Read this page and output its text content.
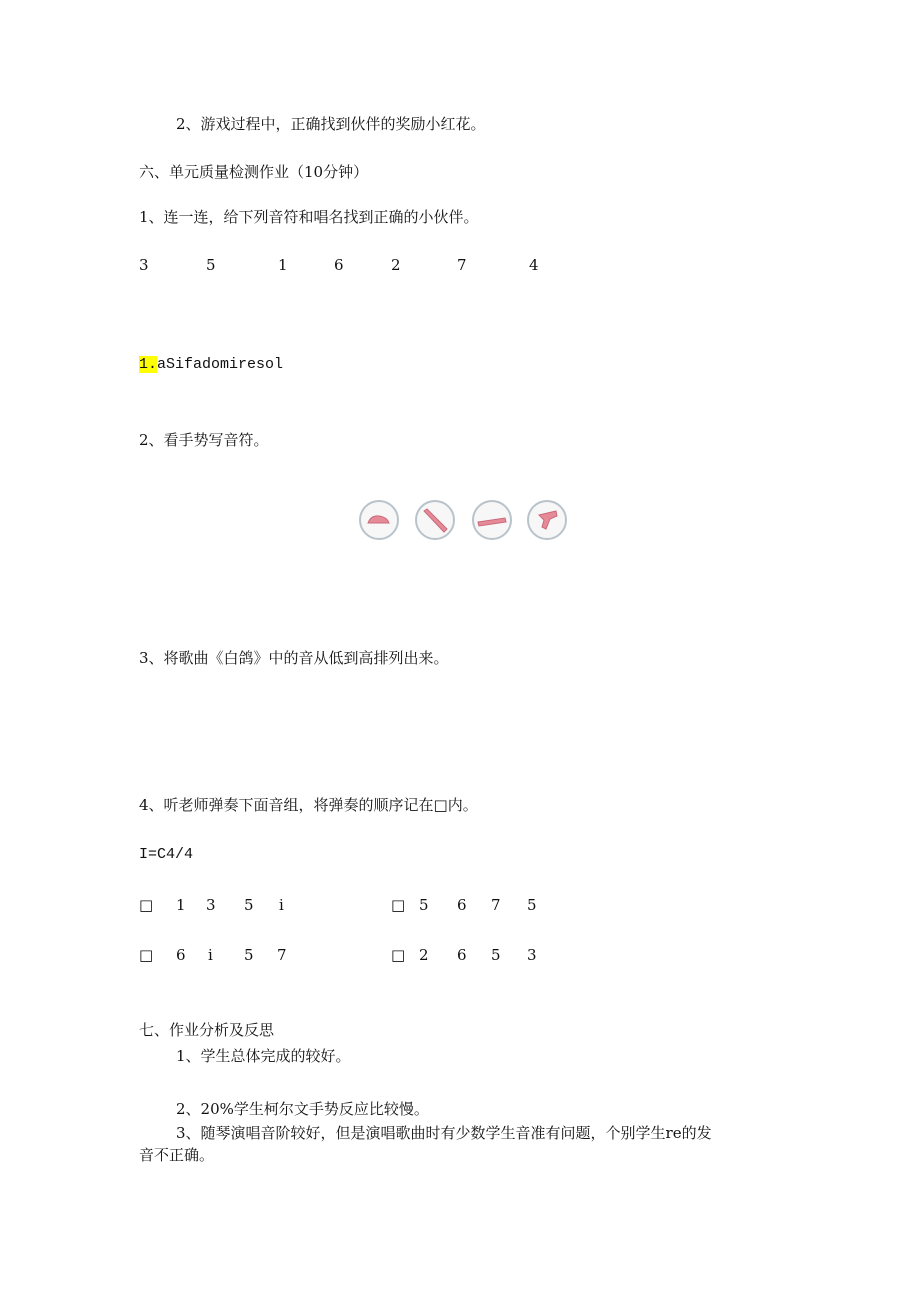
2、游戏过程中，正确找到伙伴的奖励小红花。
六、单元质量检测作业（10分钟）
1、连一连，给下列音符和唱名找到正确的小伙伴。
3	5	1	6	2	7	4
1.aSifadomiresol
2、看手势写音符。
3、将歌曲《白鸽》中的音从低到高排列出来。
4、听老师弹奏下面音组，将弹奏的顺序记在□内。
I=C4/4
□ 1 3 5 i	□ 5 6 7 5
□ 6 i 5 7	□ 2 6 5 3
七、作业分析及反思
1、学生总体完成的较好。
2、20%学生柯尔文手势反应比较慢。
3、随琴演唱音阶较好，但是演唱歌曲时有少数学生音准有问题，个别学生re的发
音不正确。
